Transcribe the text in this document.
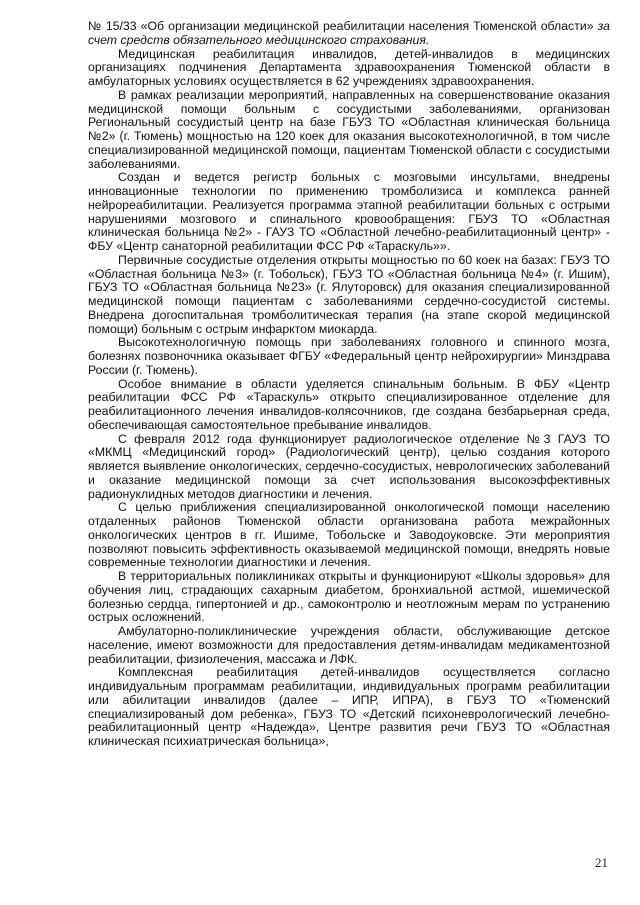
№ 15/33 «Об организации медицинской реабилитации населения Тюменской области» за счет средств обязательного медицинского страхования.

Медицинская реабилитация инвалидов, детей-инвалидов в медицинских организациях подчинения Департамента здравоохранения Тюменской области в амбулаторных условиях осуществляется в 62 учреждениях здравоохранения.

В рамках реализации мероприятий, направленных на совершенствование оказания медицинской помощи больным с сосудистыми заболеваниями, организован Региональный сосудистый центр на базе ГБУЗ ТО «Областная клиническая больница №2» (г. Тюмень) мощностью на 120 коек для оказания высокотехнологичной, в том числе специализированной медицинской помощи, пациентам Тюменской области с сосудистыми заболеваниями.

Создан и ведется регистр больных с мозговыми инсультами, внедрены инновационные технологии по применению тромболизиса и комплекса ранней нейрореабилитации. Реализуется программа этапной реабилитации больных с острыми нарушениями мозгового и спинального кровообращения: ГБУЗ ТО «Областная клиническая больница №2» - ГАУЗ ТО «Областной лечебно-реабилитационный центр» - ФБУ «Центр санаторной реабилитации ФСС РФ «Тараскуль»».

Первичные сосудистые отделения открыты мощностью по 60 коек на базах: ГБУЗ ТО «Областная больница №3» (г. Тобольск), ГБУЗ ТО «Областная больница №4» (г. Ишим), ГБУЗ ТО «Областная больница №23» (г. Ялуторовск) для оказания специализированной медицинской помощи пациентам с заболеваниями сердечно-сосудистой системы. Внедрена догоспитальная тромболитическая терапия (на этапе скорой медицинской помощи) больным с острым инфарктом миокарда.

Высокотехнологичную помощь при заболеваниях головного и спинного мозга, болезнях позвоночника оказывает ФГБУ «Федеральный центр нейрохирургии» Минздрава России (г. Тюмень).

Особое внимание в области уделяется спинальным больным. В ФБУ «Центр реабилитации ФСС РФ «Тараскуль» открыто специализированное отделение для реабилитационного лечения инвалидов-колясочников, где создана безбарьерная среда, обеспечивающая самостоятельное пребывание инвалидов.

С февраля 2012 года функционирует радиологическое отделение №3 ГАУЗ ТО «МКМЦ «Медицинский город» (Радиологический центр), целью создания которого является выявление онкологических, сердечно-сосудистых, неврологических заболеваний и оказание медицинской помощи за счет использования высокоэффективных радионуклидных методов диагностики и лечения.

С целью приближения специализированной онкологической помощи населению отдаленных районов Тюменской области организована работа межрайонных онкологических центров в гг. Ишиме, Тобольске и Заводоуковске. Эти мероприятия позволяют повысить эффективность оказываемой медицинской помощи, внедрять новые современные технологии диагностики и лечения.

В территориальных поликлиниках открыты и функционируют «Школы здоровья» для обучения лиц, страдающих сахарным диабетом, бронхиальной астмой, ишемической болезнью сердца, гипертонией и др., самоконтролю и неотложным мерам по устранению острых осложнений.

Амбулаторно-поликлинические учреждения области, обслуживающие детское население, имеют возможности для предоставления детям-инвалидам медикаментозной реабилитации, физиолечения, массажа и ЛФК.

Комплексная реабилитация детей-инвалидов осуществляется согласно индивидуальным программам реабилитации, индивидуальных программ реабилитации или абилитации инвалидов (далее – ИПР, ИПРА), в ГБУЗ ТО «Тюменский специализированый дом ребенка», ГБУЗ ТО «Детский психоневрологический лечебно-реабилитационный центр «Надежда», Центре развития речи ГБУЗ ТО «Областная клиническая психиатрическая больница»,

21
